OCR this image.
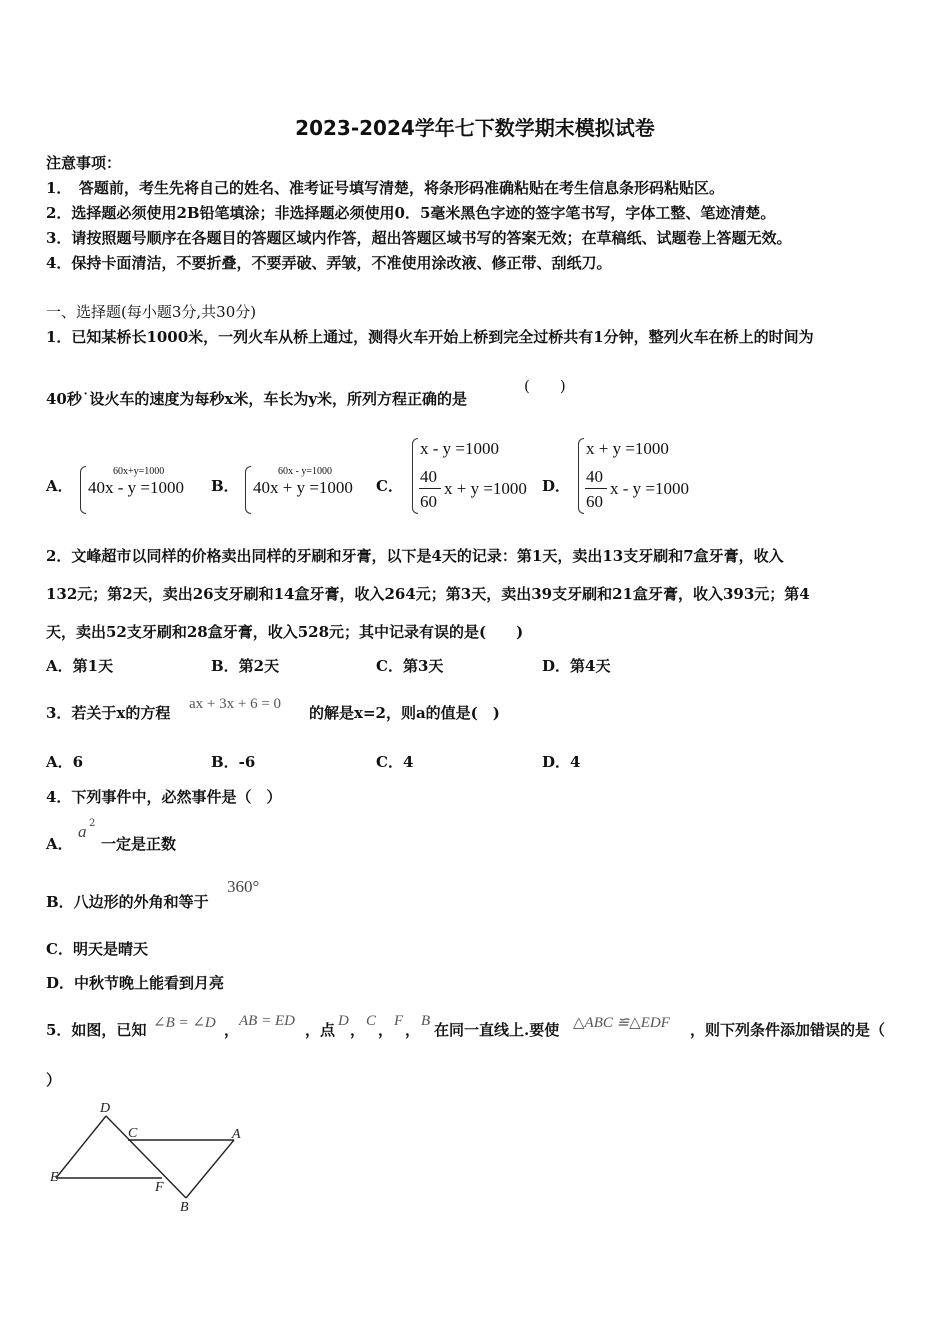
2023-2024学年七下数学期末模拟试卷
注意事项：
1．　答题前，考生先将自己的姓名、准考证号填写清楚，将条形码准确粘贴在考生信息条形码粘贴区。
2．选择题必须使用2B铅笔填涂；非选择题必须使用0．5毫米黑色字迹的签字笔书写，字体工整、笔迹清楚。
3．请按照题号顺序在各题目的答题区域内作答，超出答题区域书写的答案无效；在草稿纸、试题卷上答题无效。
4．保持卡面清洁，不要折叠，不要弄破、弄皱，不准使用涂改液、修正带、刮纸刀。
一、选择题(每小题3分,共30分)
1．已知某桥长1000米，一列火车从桥上通过，测得火车开始上桥到完全过桥共有1分钟，整列火车在桥上的时间为
40秒˙设火车的速度为每秒x米，车长为y米，所列方程正确的是
(　　)
A．
60x+y=1000
40x - y =1000 B．
60x - y=1000
40x + y =1000 C．
x - y =1000
40
60
x + y =1000 D．
x + y =1000
40
60
x - y =1000
2．文峰超市以同样的价格卖出同样的牙刷和牙膏，以下是4天的记录：第1天，卖出13支牙刷和7盒牙膏，收入
132元；第2天，卖出26支牙刷和14盒牙膏，收入264元；第3天，卖出39支牙刷和21盒牙膏，收入393元；第4
天，卖出52支牙刷和28盒牙膏，收入528元；其中记录有误的是(　　)
A．第1天	B．第2天	C．第3天	D．第4天
3．若关于x的方程 ax + 3x + 6 = 0 的解是x=2，则a的值是(　)
A．6	B．-6	C．4	D．4
4．下列事件中，必然事件是（　）
A．
a 2
一定是正数
B．八边形的外角和等于
360°
C．明天是晴天
D．中秋节晚上能看到月亮
5．如图，已知 ∠B = ∠D ， AB = ED ，点 D ， C ， F ， B 在同一直线上.要使 △ABC ≌△EDF ，则下列条件添加错误的是（
）
D
C	A
E
F
B
